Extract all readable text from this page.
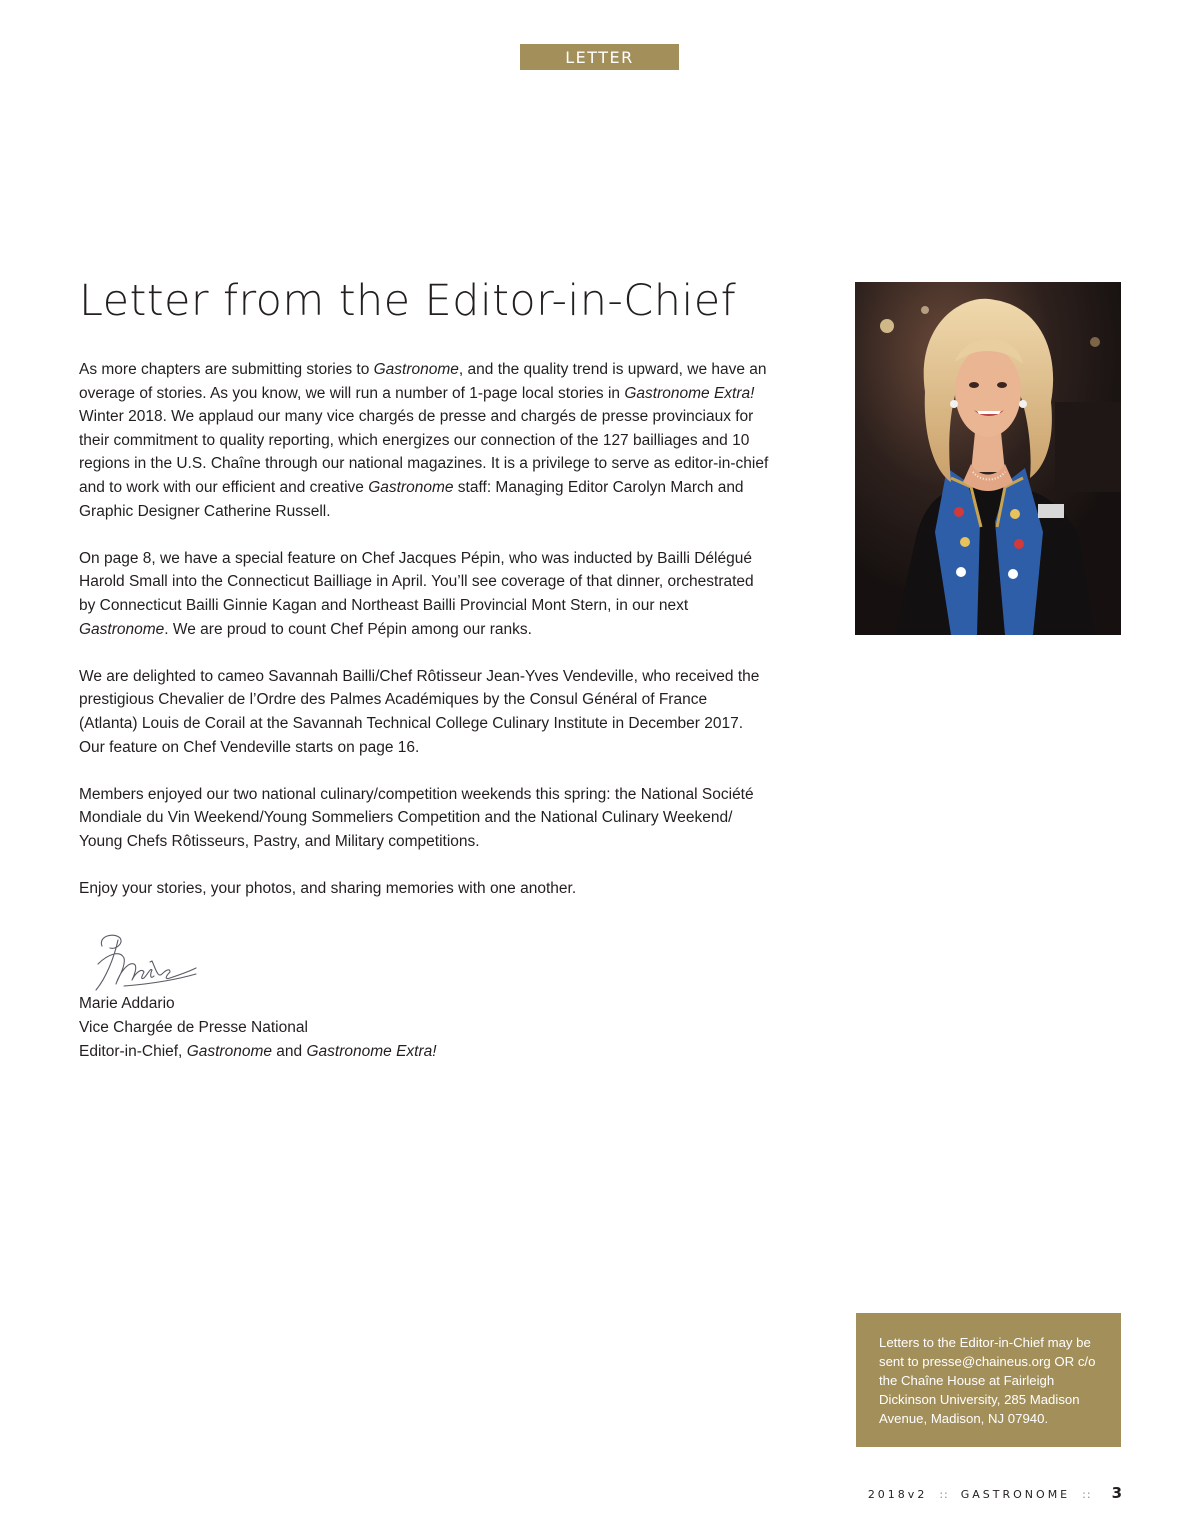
LETTER
Letter from the Editor-in-Chief

As more chapters are submitting stories to Gastronome, and the quality trend is upward, we have an overage of stories. As you know, we will run a number of 1-page local stories in Gastronome Extra! Winter 2018. We applaud our many vice chargés de presse and chargés de presse provinciaux for their commitment to quality reporting, which energizes our connection of the 127 bailliages and 10 regions in the U.S. Chaîne through our national magazines. It is a privilege to serve as editor-in-chief and to work with our efficient and creative Gastronome staff: Managing Editor Carolyn March and Graphic Designer Catherine Russell.

On page 8, we have a special feature on Chef Jacques Pépin, who was inducted by Bailli Délégué Harold Small into the Connecticut Bailliage in April. You’ll see coverage of that dinner, orchestrated by Connecticut Bailli Ginnie Kagan and Northeast Bailli Provincial Mont Stern, in our next Gastronome. We are proud to count Chef Pépin among our ranks.

We are delighted to cameo Savannah Bailli/Chef Rôtisseur Jean-Yves Vendeville, who received the prestigious Chevalier de l’Ordre des Palmes Académiques by the Consul Général of France (Atlanta) Louis de Corail at the Savannah Technical College Culinary Institute in December 2017. Our feature on Chef Vendeville starts on page 16.

Members enjoyed our two national culinary/competition weekends this spring: the National Société Mondiale du Vin Weekend/Young Sommeliers Competition and the National Culinary Weekend/ Young Chefs Rôtisseurs, Pastry, and Military competitions.

Enjoy your stories, your photos, and sharing memories with one another.

Marie Addario
Vice Chargée de Presse National
Editor-in-Chief, Gastronome and Gastronome Extra!
Letters to the Editor-in-Chief may be sent to presse@chaineus.org OR c/o the Chaîne House at Fairleigh Dickinson University, 285 Madison Avenue, Madison, NJ 07940.
2018v2 :: GASTRONOME :: 3
